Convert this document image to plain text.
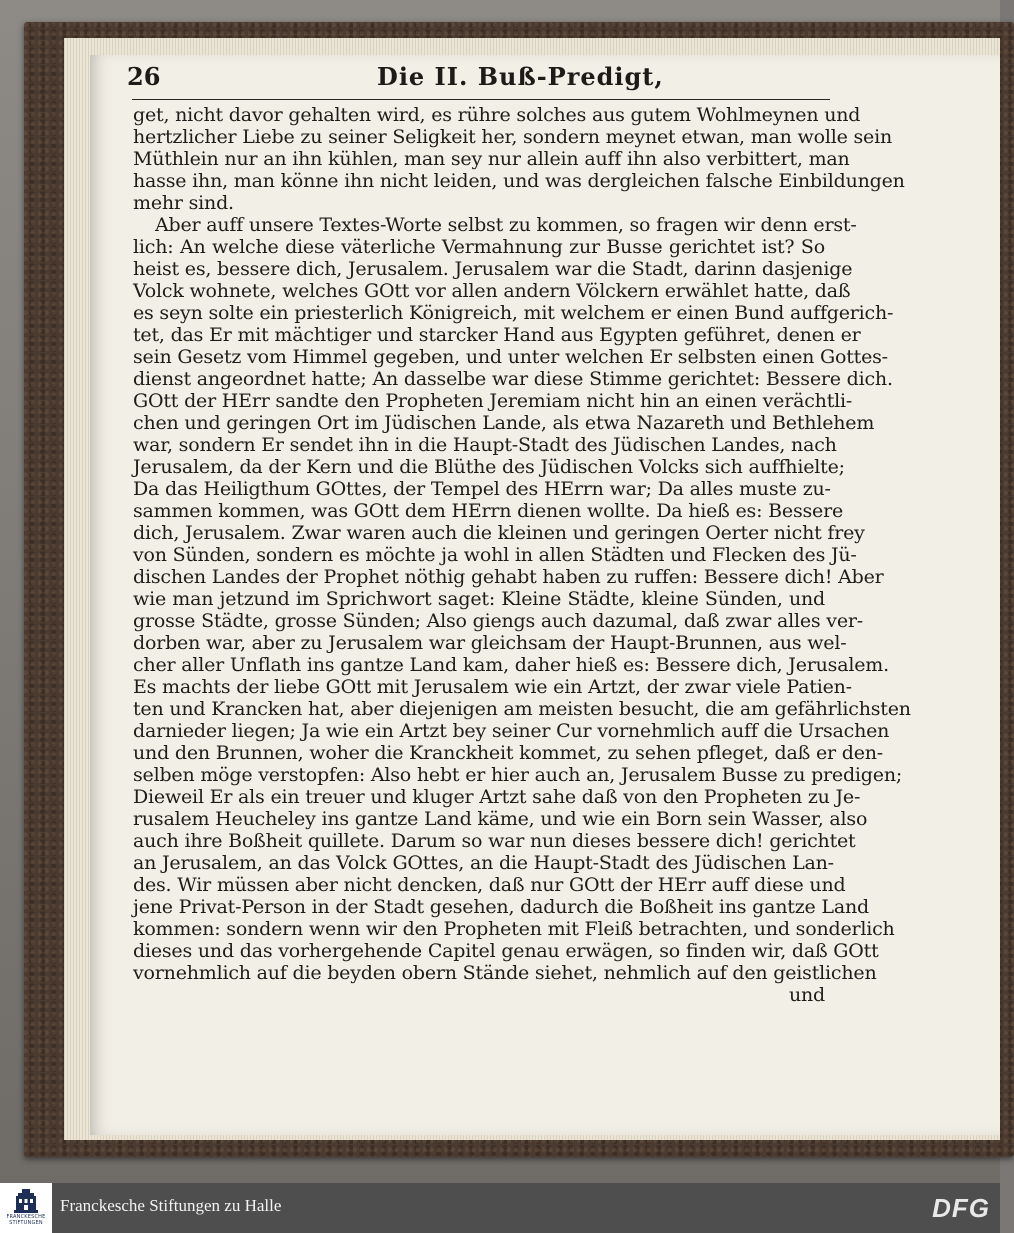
26	Die II. Buß-Predigt,
get, nicht davor gehalten wird, es rühre solches aus gutem Wohlmeynen und
hertzlicher Liebe zu seiner Seligkeit her, sondern meynet etwan, man wolle sein
Müthlein nur an ihn kühlen, man sey nur allein auff ihn also verbittert, man
hasse ihn, man könne ihn nicht leiden, und was dergleichen falsche Einbildungen
mehr sind.
Aber auff unsere Textes-Worte selbst zu kommen, so fragen wir denn erst-
lich: An welche diese väterliche Vermahnung zur Busse gerichtet ist? So
heist es, bessere dich, Jerusalem. Jerusalem war die Stadt, darinn dasjenige
Volck wohnete, welches GOtt vor allen andern Völckern erwählet hatte, daß
es seyn solte ein priesterlich Königreich, mit welchem er einen Bund auffgerich-
tet, das Er mit mächtiger und starcker Hand aus Egypten geführet, denen er
sein Gesetz vom Himmel gegeben, und unter welchen Er selbsten einen Gottes-
dienst angeordnet hatte; An dasselbe war diese Stimme gerichtet: Bessere dich.
GOtt der HErr sandte den Propheten Jeremiam nicht hin an einen verächtli-
chen und geringen Ort im Jüdischen Lande, als etwa Nazareth und Bethlehem
war, sondern Er sendet ihn in die Haupt-Stadt des Jüdischen Landes, nach
Jerusalem, da der Kern und die Blüthe des Jüdischen Volcks sich auffhielte;
Da das Heiligthum GOttes, der Tempel des HErrn war; Da alles muste zu-
sammen kommen, was GOtt dem HErrn dienen wollte. Da hieß es: Bessere
dich, Jerusalem. Zwar waren auch die kleinen und geringen Oerter nicht frey
von Sünden, sondern es möchte ja wohl in allen Städten und Flecken des Jü-
dischen Landes der Prophet nöthig gehabt haben zu ruffen: Bessere dich! Aber
wie man jetzund im Sprichwort saget: Kleine Städte, kleine Sünden, und
grosse Städte, grosse Sünden; Also giengs auch dazumal, daß zwar alles ver-
dorben war, aber zu Jerusalem war gleichsam der Haupt-Brunnen, aus wel-
cher aller Unflath ins gantze Land kam, daher hieß es: Bessere dich, Jerusalem.
Es machts der liebe GOtt mit Jerusalem wie ein Artzt, der zwar viele Patien-
ten und Krancken hat, aber diejenigen am meisten besucht, die am gefährlichsten
darnieder liegen; Ja wie ein Artzt bey seiner Cur vornehmlich auff die Ursachen
und den Brunnen, woher die Kranckheit kommet, zu sehen pfleget, daß er den-
selben möge verstopfen: Also hebt er hier auch an, Jerusalem Busse zu predigen;
Dieweil Er als ein treuer und kluger Artzt sahe daß von den Propheten zu Je-
rusalem Heucheley ins gantze Land käme, und wie ein Born sein Wasser, also
auch ihre Boßheit quillete. Darum so war nun dieses bessere dich! gerichtet
an Jerusalem, an das Volck GOttes, an die Haupt-Stadt des Jüdischen Lan-
des. Wir müssen aber nicht dencken, daß nur GOtt der HErr auff diese und
jene Privat-Person in der Stadt gesehen, dadurch die Boßheit ins gantze Land
kommen: sondern wenn wir den Propheten mit Fleiß betrachten, und sonderlich
dieses und das vorhergehende Capitel genau erwägen, so finden wir, daß GOtt
vornehmlich auf die beyden obern Stände siehet, nehmlich auf den geistlichen
und
FRANCKESCHE STIFTUNGEN
Franckesche Stiftungen zu Halle	DFG
